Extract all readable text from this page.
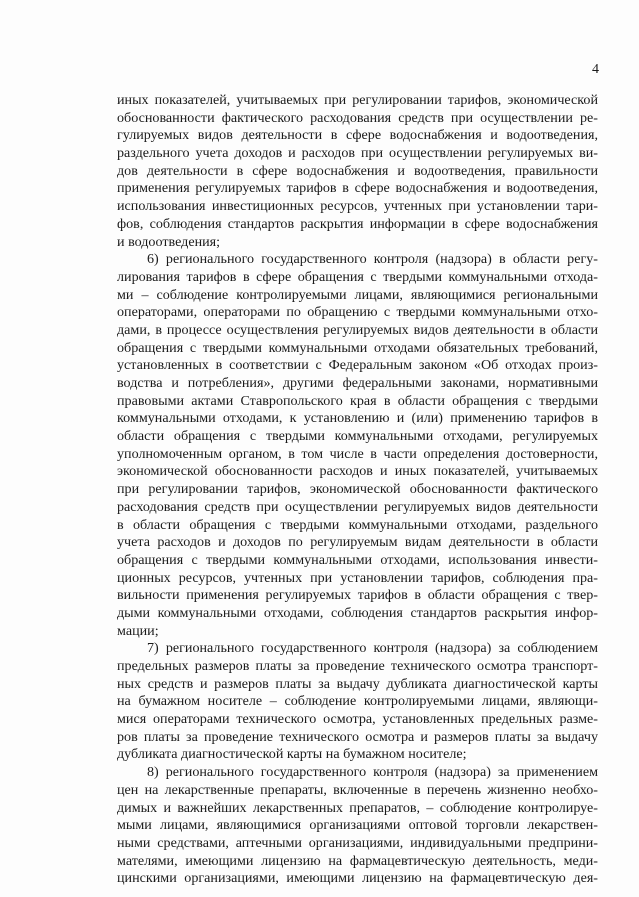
4
иных показателей, учитываемых при регулировании тарифов, экономической
обоснованности фактического расходования средств при осуществлении ре-
гулируемых видов деятельности в сфере водоснабжения и водоотведения,
раздельного учета доходов и расходов при осуществлении регулируемых ви-
дов деятельности в сфере водоснабжения и водоотведения, правильности
применения регулируемых тарифов в сфере водоснабжения и водоотведения,
использования инвестиционных ресурсов, учтенных при установлении тари-
фов, соблюдения стандартов раскрытия информации в сфере водоснабжения
и водоотведения;
6) регионального государственного контроля (надзора) в области регу-
лирования тарифов в сфере обращения с твердыми коммунальными отхода-
ми – соблюдение контролируемыми лицами, являющимися региональными
операторами, операторами по обращению с твердыми коммунальными отхо-
дами, в процессе осуществления регулируемых видов деятельности в области
обращения с твердыми коммунальными отходами обязательных требований,
установленных в соответствии с Федеральным законом «Об отходах произ-
водства и потребления», другими федеральными законами, нормативными
правовыми актами Ставропольского края в области обращения с твердыми
коммунальными отходами, к установлению и (или) применению тарифов в
области обращения с твердыми коммунальными отходами, регулируемых
уполномоченным органом, в том числе в части определения достоверности,
экономической обоснованности расходов и иных показателей, учитываемых
при регулировании тарифов, экономической обоснованности фактического
расходования средств при осуществлении регулируемых видов деятельности
в области обращения с твердыми коммунальными отходами, раздельного
учета расходов и доходов по регулируемым видам деятельности в области
обращения с твердыми коммунальными отходами, использования инвести-
ционных ресурсов, учтенных при установлении тарифов, соблюдения пра-
вильности применения регулируемых тарифов в области обращения с твер-
дыми коммунальными отходами, соблюдения стандартов раскрытия инфор-
мации;
7) регионального государственного контроля (надзора) за соблюдением
предельных размеров платы за проведение технического осмотра транспорт-
ных средств и размеров платы за выдачу дубликата диагностической карты
на бумажном носителе – соблюдение контролируемыми лицами, являющи-
мися операторами технического осмотра, установленных предельных разме-
ров платы за проведение технического осмотра и размеров платы за выдачу
дубликата диагностической карты на бумажном носителе;
8) регионального государственного контроля (надзора) за применением
цен на лекарственные препараты, включенные в перечень жизненно необхо-
димых и важнейших лекарственных препаратов, – соблюдение контролируе-
мыми лицами, являющимися организациями оптовой торговли лекарствен-
ными средствами, аптечными организациями, индивидуальными предприни-
мателями, имеющими лицензию на фармацевтическую деятельность, меди-
цинскими организациями, имеющими лицензию на фармацевтическую дея-
